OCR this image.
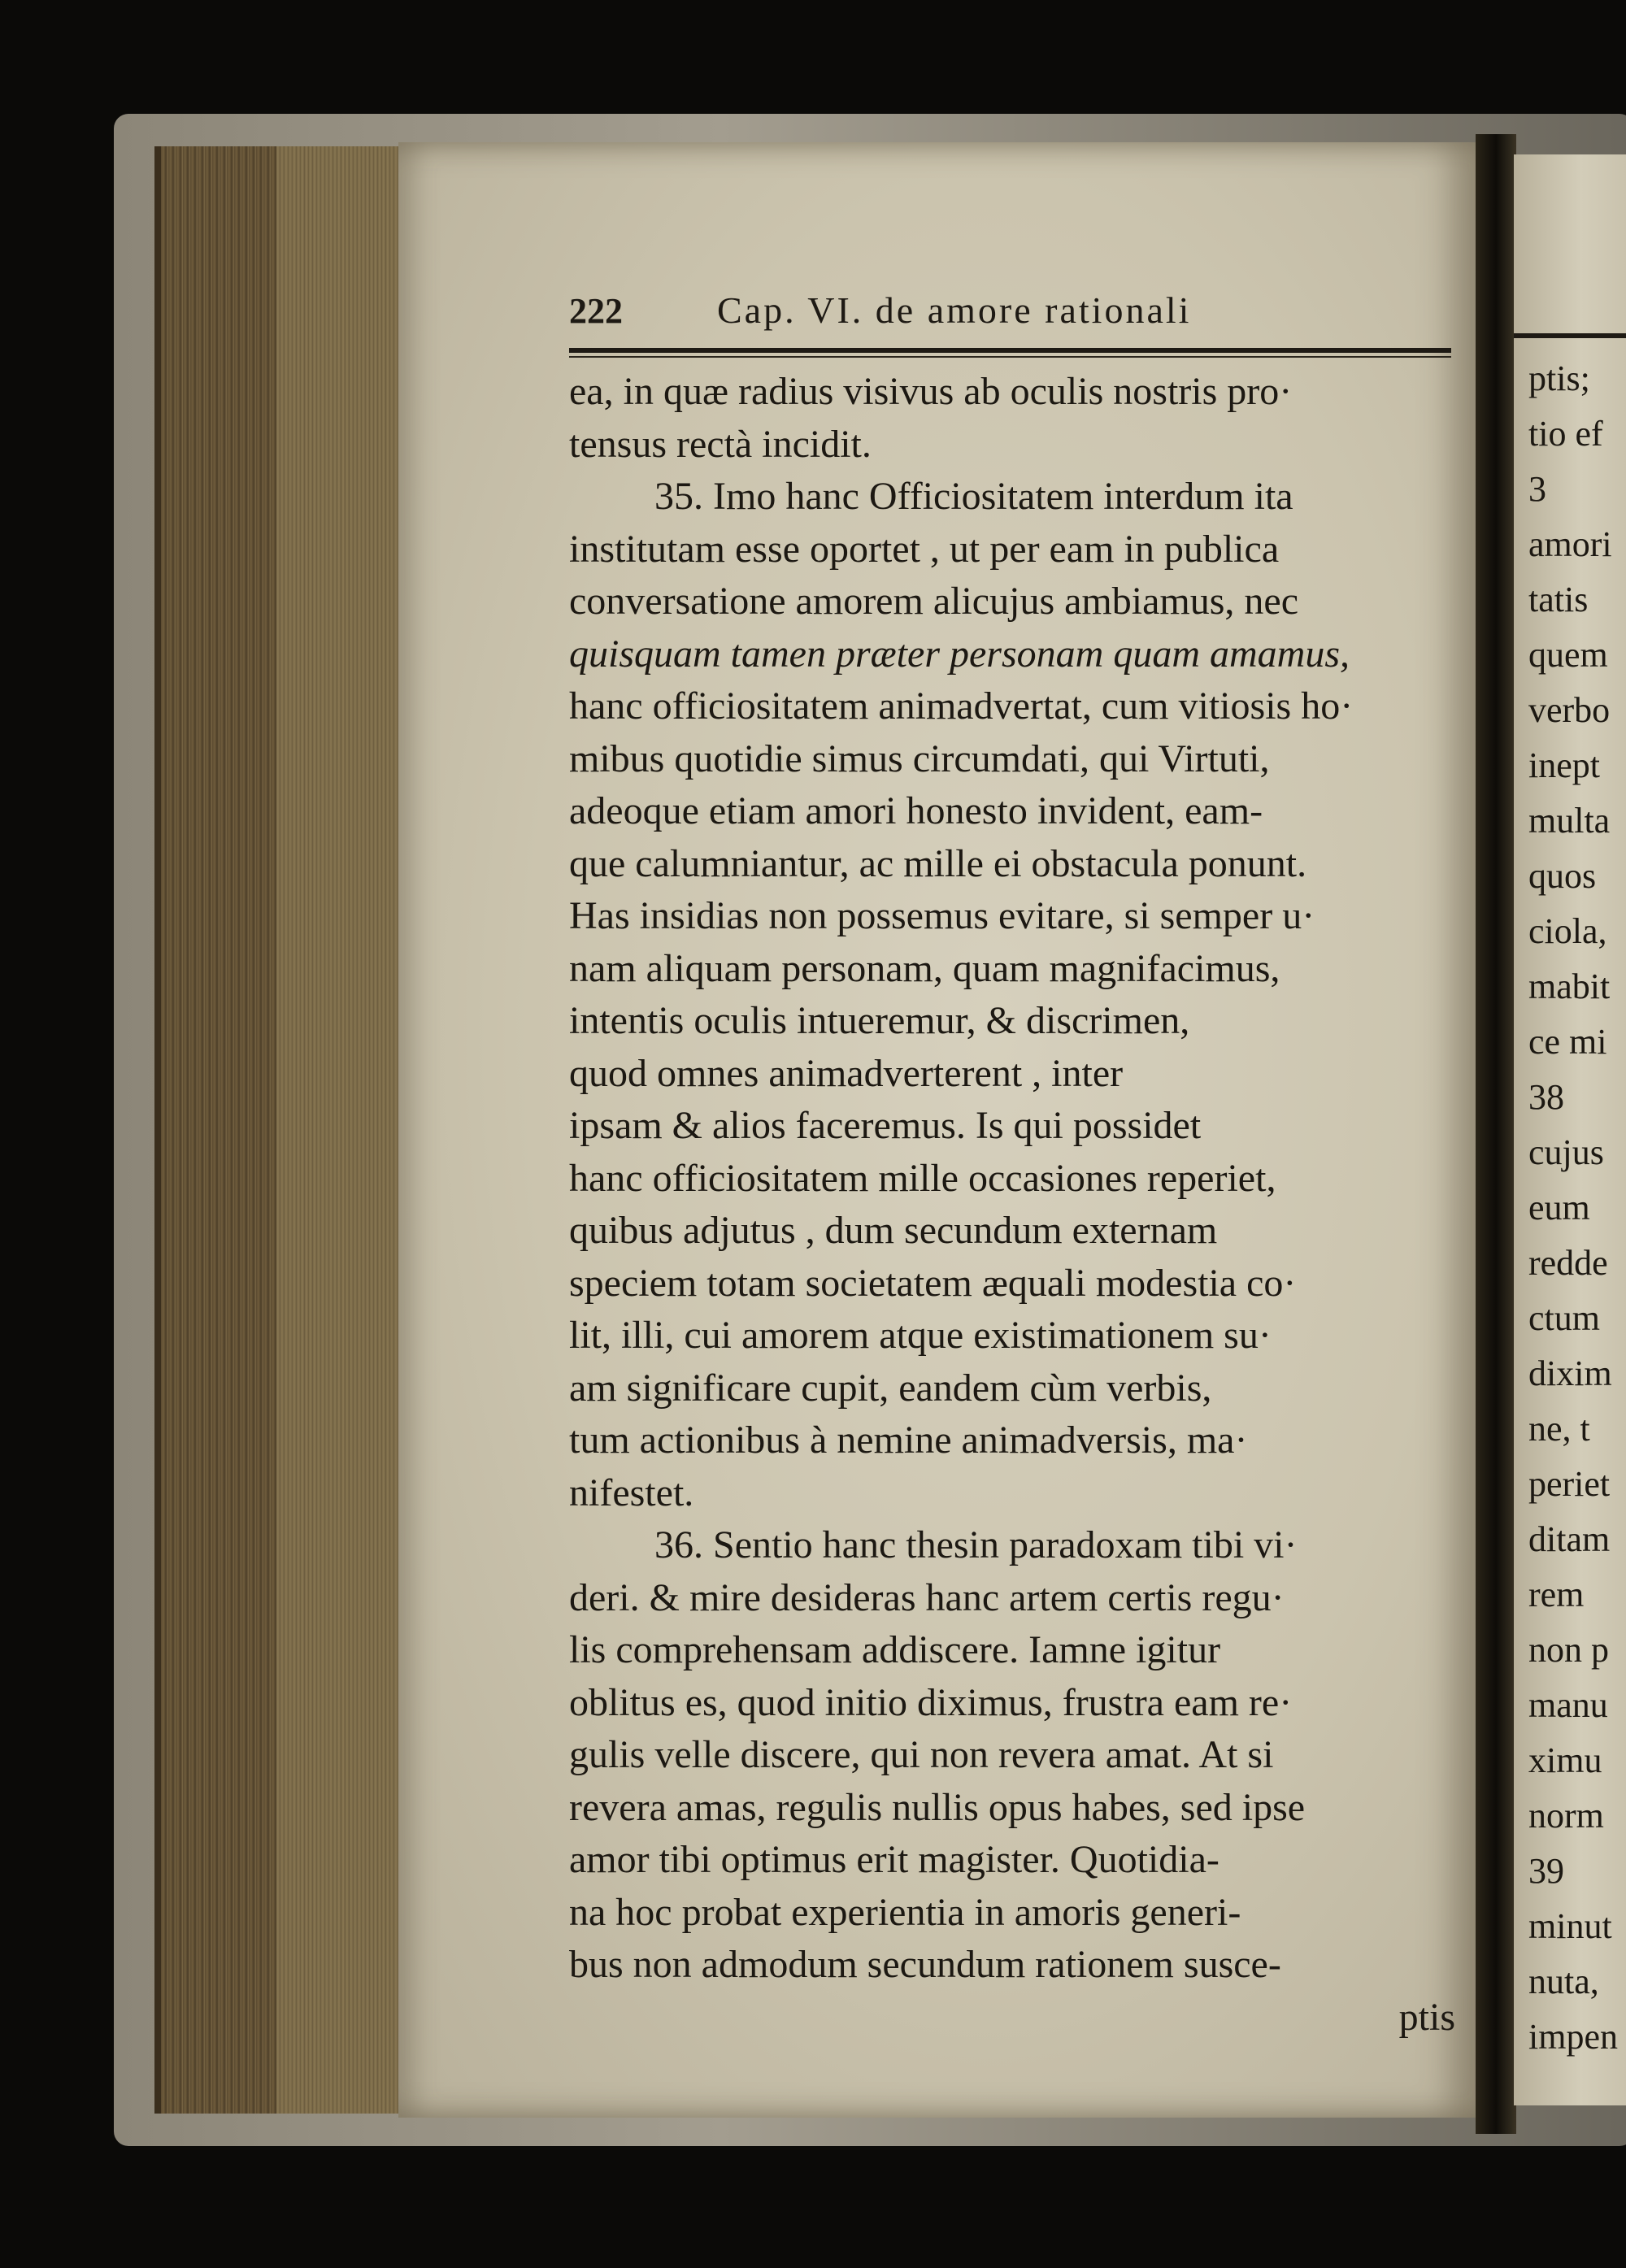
ptis;
tio ef
3
amori
tatis
quem
verbo
inept
multa
quos
ciola,
mabit
ce mi
38
cujus
eum
redde
ctum
dixim
ne, t
periet
ditam
rem
non p
manu
ximu
norm
39
minut
nuta,
impen
222	Cap. VI. de amore rationali
ea, in quæ radius visivus ab oculis nostris pro·
tensus rectà incidit.
35. Imo hanc Officiositatem interdum ita
institutam esse oportet , ut per eam in publica
conversatione amorem alicujus ambiamus, nec
quisquam tamen præter personam quam amamus,
hanc officiositatem animadvertat, cum vitiosis ho·
mibus quotidie simus circumdati, qui Virtuti,
adeoque etiam amori honesto invident, eam-
que calumniantur, ac mille ei obstacula ponunt.
Has insidias non possemus evitare, si semper u·
nam aliquam personam, quam magnifacimus,
intentis oculis intueremur, & discrimen,
quod omnes animadverterent , inter
ipsam & alios faceremus. Is qui possidet
hanc officiositatem mille occasiones reperiet,
quibus adjutus , dum secundum externam
speciem totam societatem æquali modestia co·
lit, illi, cui amorem atque existimationem su·
am significare cupit, eandem cùm verbis,
tum actionibus à nemine animadversis, ma·
nifestet.
36. Sentio hanc thesin paradoxam tibi vi·
deri. & mire desideras hanc artem certis regu·
lis comprehensam addiscere. Iamne igitur
oblitus es, quod initio diximus, frustra eam re·
gulis velle discere, qui non revera amat. At si
revera amas, regulis nullis opus habes, sed ipse
amor tibi optimus erit magister. Quotidia-
na hoc probat experientia in amoris generi-
bus non admodum secundum rationem susce-
ptis
